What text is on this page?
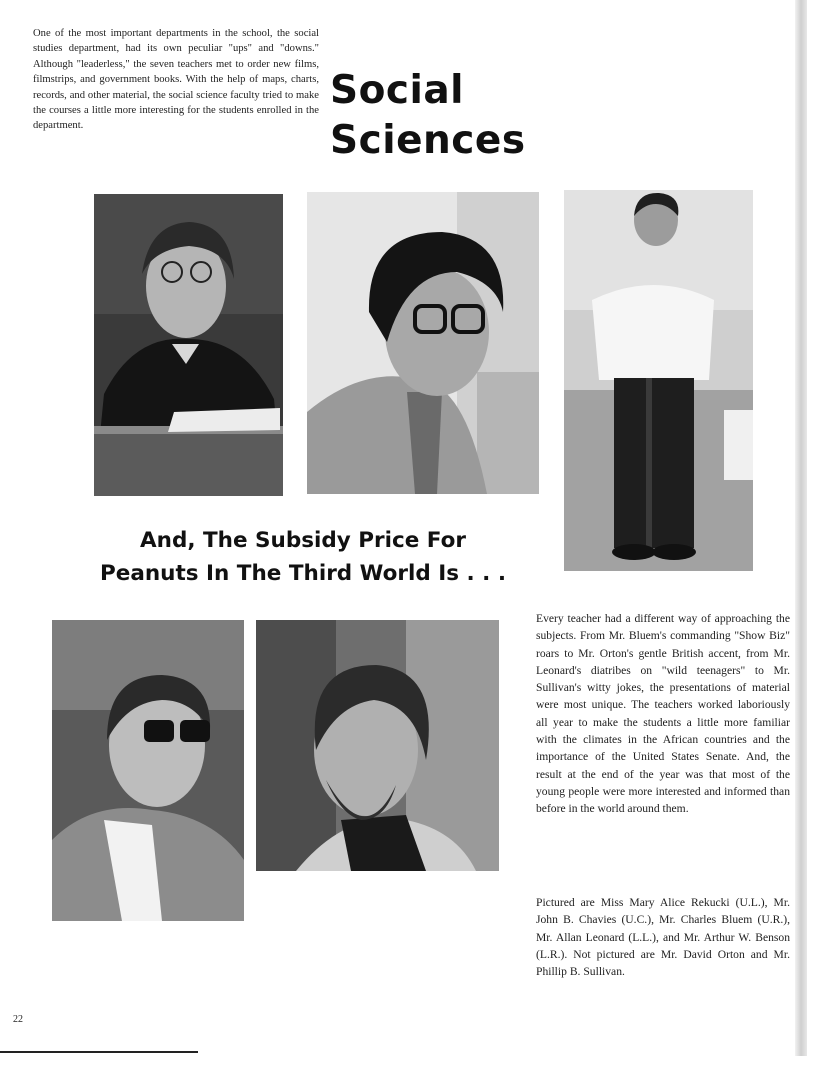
One of the most important departments in the school, the social studies department, had its own peculiar "ups" and "downs." Although "leaderless," the seven teachers met to order new films, filmstrips, and government books. With the help of maps, charts, records, and other material, the social science faculty tried to make the courses a little more interesting for the students enrolled in the department.
Social
Sciences
And, The Subsidy Price For
Peanuts In The Third World Is . . .
Every teacher had a different way of approaching the subjects. From Mr. Bluem's commanding "Show Biz" roars to Mr. Orton's gentle British accent, from Mr. Leonard's diatribes on "wild teenagers" to Mr. Sullivan's witty jokes, the presentations of material were most unique. The teachers worked laboriously all year to make the students a little more familiar with the climates in the African countries and the importance of the United States Senate. And, the result at the end of the year was that most of the young people were more interested and informed than before in the world around them.
Pictured are Miss Mary Alice Rekucki (U.L.), Mr. John B. Chavies (U.C.), Mr. Charles Bluem (U.R.), Mr. Allan Leonard (L.L.), and Mr. Arthur W. Benson (L.R.). Not pictured are Mr. David Orton and Mr. Phillip B. Sullivan.
22
